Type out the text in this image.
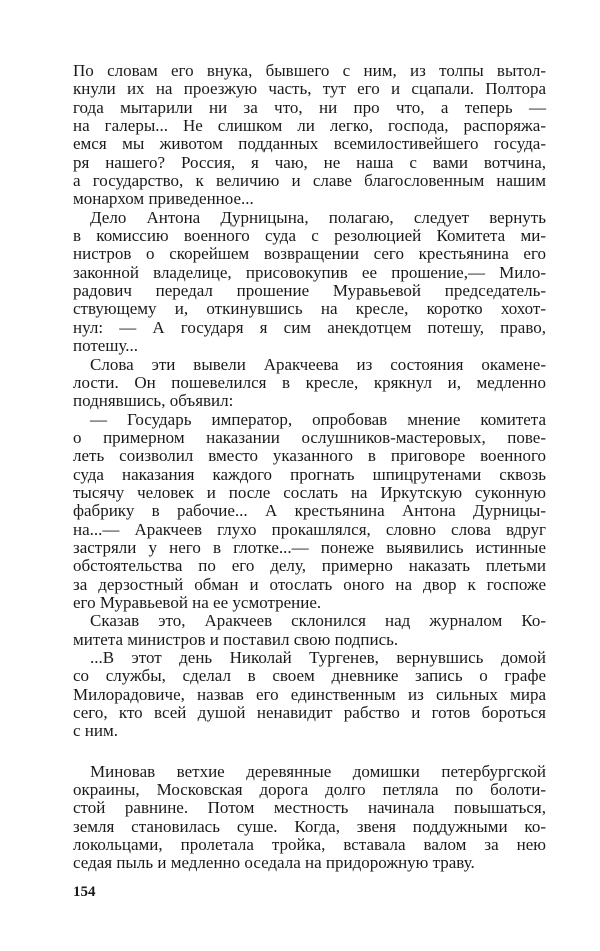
По словам его внука, бывшего с ним, из толпы вытол-
кнули их на проезжую часть, тут его и сцапали. Полтора
года мытарили ни за что, ни про что, а теперь —
на галеры... Не слишком ли легко, господа, распоряжа-
емся мы животом подданных всемилостивейшего госуда-
ря нашего? Россия, я чаю, не наша с вами вотчина,
а государство, к величию и славе благословенным нашим
монархом приведенное...
Дело Антона Дурницына, полагаю, следует вернуть
в комиссию военного суда с резолюцией Комитета ми-
нистров о скорейшем возвращении сего крестьянина его
законной владелице, присовокупив ее прошение,— Мило-
радович передал прошение Муравьевой председатель-
ствующему и, откинувшись на кресле, коротко хохот-
нул: — А государя я сим анекдотцем потешу, право,
потешу...
Слова эти вывели Аракчеева из состояния окамене-
лости. Он пошевелился в кресле, крякнул и, медленно
поднявшись, объявил:
— Государь император, опробовав мнение комитета
о примерном наказании ослушников-мастеровых, пове-
леть соизволил вместо указанного в приговоре военного
суда наказания каждого прогнать шпицрутенами сквозь
тысячу человек и после сослать на Иркутскую суконную
фабрику в рабочие... А крестьянина Антона Дурницы-
на...— Аракчеев глухо прокашлялся, словно слова вдруг
застряли у него в глотке...— понеже выявились истинные
обстоятельства по его делу, примерно наказать плетьми
за дерзостный обман и отослать оного на двор к госпоже
его Муравьевой на ее усмотрение.
Сказав это, Аракчеев склонился над журналом Ко-
митета министров и поставил свою подпись.
...В этот день Николай Тургенев, вернувшись домой
со службы, сделал в своем дневнике запись о графе
Милорадовиче, назвав его единственным из сильных мира
сего, кто всей душой ненавидит рабство и готов бороться
с ним.
Миновав ветхие деревянные домишки петербургской
окраины, Московская дорога долго петляла по болоти-
стой равнине. Потом местность начинала повышаться,
земля становилась суше. Когда, звеня поддужными ко-
локольцами, пролетала тройка, вставала валом за нею
седая пыль и медленно оседала на придорожную траву.
154
